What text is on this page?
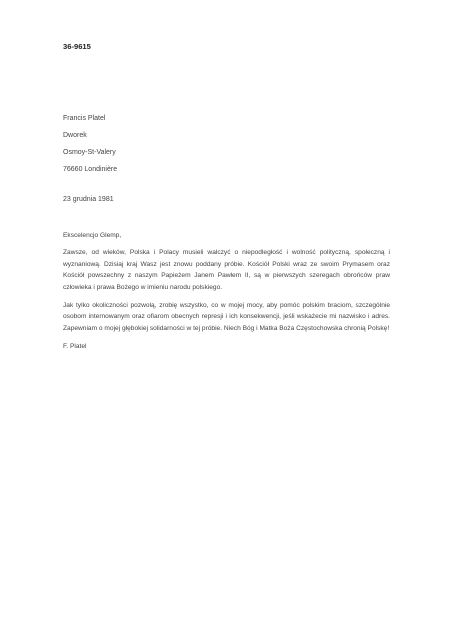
36-9615
Francis Platel
Dworek
Osmoy-St-Valery
76660 Londinière
23 grudnia 1981

Ekscelencjo Glemp,

Zawsze, od wieków, Polska i Polacy musieli walczyć o niepodległość i wolność polityczną, społeczną i wyznaniową. Dzisiaj kraj Wasz jest znowu poddany próbie. Kościół Polski wraz ze swoim Prymasem oraz Kościół powszechny z naszym Papieżem Janem Pawłem II, są w pierwszych szeregach obrońców praw człowieka i prawa Bożego w imieniu narodu polskiego.

Jak tylko okoliczności pozwolą, zrobię wszystko, co w mojej mocy, aby pomóc polskim braciom, szczególnie osobom internowanym oraz ofiarom obecnych represji i ich konsekwencji, jeśli wskażecie mi nazwisko i adres. Zapewniam o mojej głębokiej solidarności w tej próbie. Niech Bóg i Matka Boża Częstochowska chronią Polskę!

F. Platel
